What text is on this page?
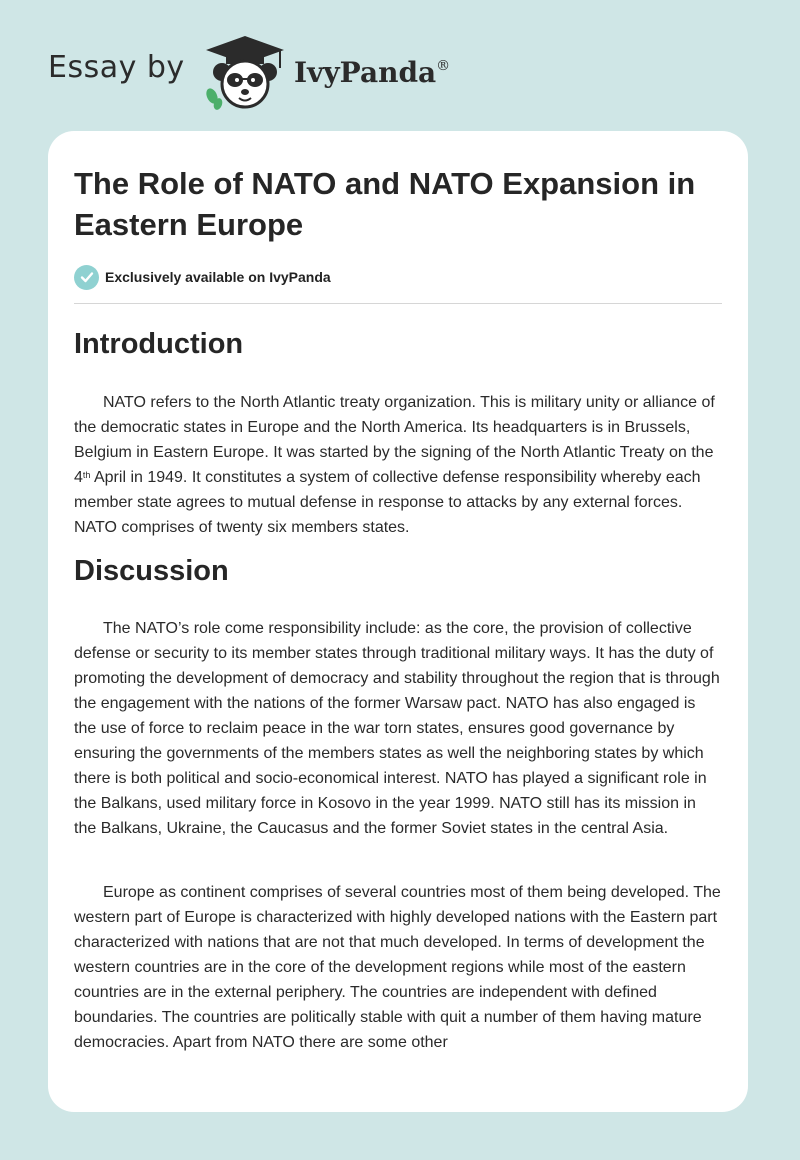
Essay by	IvyPanda®
The Role of NATO and NATO Expansion in Eastern Europe
Exclusively available on IvyPanda
Introduction

NATO refers to the North Atlantic treaty organization. This is military unity or alliance of the democratic states in Europe and the North America. Its headquarters is in Brussels, Belgium in Eastern Europe. It was started by the signing of the North Atlantic Treaty on the 4th April in 1949. It constitutes a system of collective defense responsibility whereby each member state agrees to mutual defense in response to attacks by any external forces. NATO comprises of twenty six members states.

Discussion

The NATO’s role come responsibility include: as the core, the provision of collective defense or security to its member states through traditional military ways. It has the duty of promoting the development of democracy and stability throughout the region that is through the engagement with the nations of the former Warsaw pact. NATO has also engaged is the use of force to reclaim peace in the war torn states, ensures good governance by ensuring the governments of the members states as well the neighboring states by which there is both political and socio-economical interest. NATO has played a significant role in the Balkans, used military force in Kosovo in the year 1999. NATO still has its mission in the Balkans, Ukraine, the Caucasus and the former Soviet states in the central Asia.

Europe as continent comprises of several countries most of them being developed. The western part of Europe is characterized with highly developed nations with the Eastern part characterized with nations that are not that much developed. In terms of development the western countries are in the core of the development regions while most of the eastern countries are in the external periphery. The countries are independent with defined boundaries. The countries are politically stable with quit a number of them having mature democracies. Apart from NATO there are some other
